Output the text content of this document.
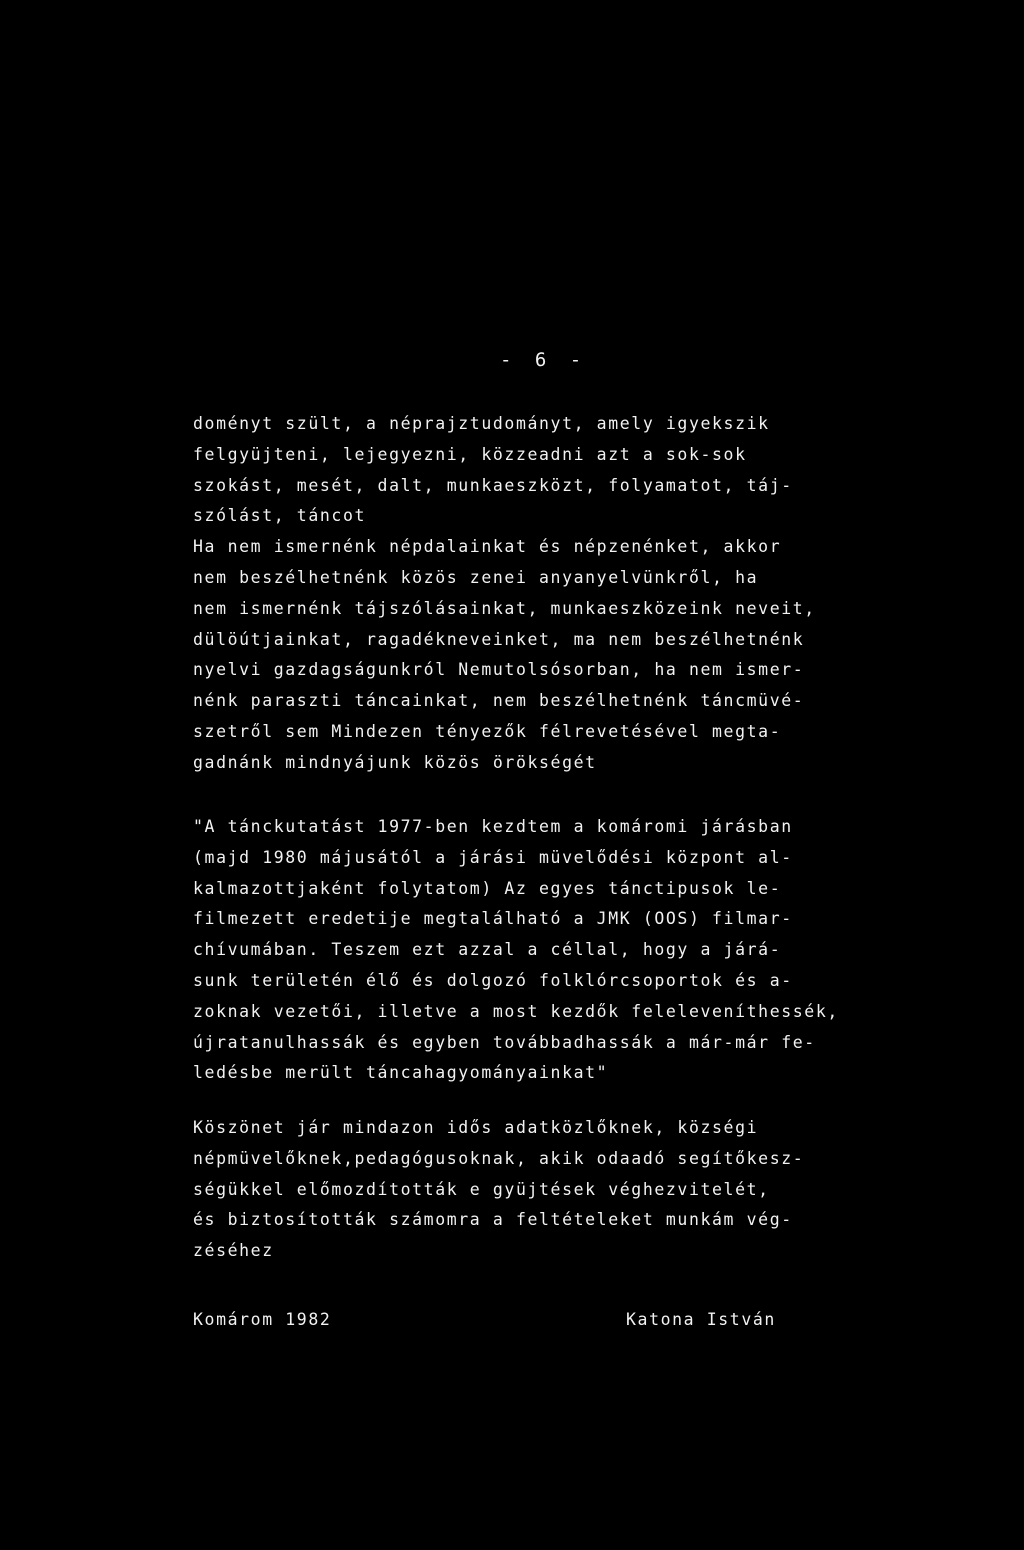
- 6 -
doményt szült, a néprajztudományt, amely igyekszik
felgyüjteni, lejegyezni, közzeadni azt a sok-sok
szokást, mesét, dalt, munkaeszközt, folyamatot, táj-
szólást, táncot
Ha nem ismernénk népdalainkat és népzenénket, akkor
nem beszélhetnénk közös zenei anyanyelvünkről, ha
nem ismernénk tájszólásainkat, munkaeszközeink neveit,
dülöútjainkat, ragadékneveinket, ma nem beszélhetnénk
nyelvi gazdagságunkról Nemutolsósorban, ha nem ismer-
nénk paraszti táncainkat, nem beszélhetnénk táncmüvé-
szetről sem Mindezen tényezők félrevetésével megta-
gadnánk mindnyájunk közös örökségét
"A tánckutatást 1977-ben kezdtem a komáromi járásban
(majd 1980 májusától a járási müvelődési központ al-
kalmazottjaként folytatom) Az egyes tánctipusok le-
filmezett eredetije megtalálható a JMK (OOS) filmar-
chívumában. Teszem ezt azzal a céllal, hogy a járá-
sunk területén élő és dolgozó folklórcsoportok és a-
zoknak vezetői, illetve a most kezdők feleleveníthessék,
újratanulhassák és egyben továbbadhassák a már-már fe-
ledésbe merült táncahagyományainkat"
Köszönet jár mindazon idős adatközlőknek, községi
népmüvelőknek,pedagógusoknak, akik odaadó segítőkesz-
ségükkel előmozdították e gyüjtések véghezvitelét,
és biztosították számomra a feltételeket munkám vég-
zéséhez
Komárom 1982	Katona István
